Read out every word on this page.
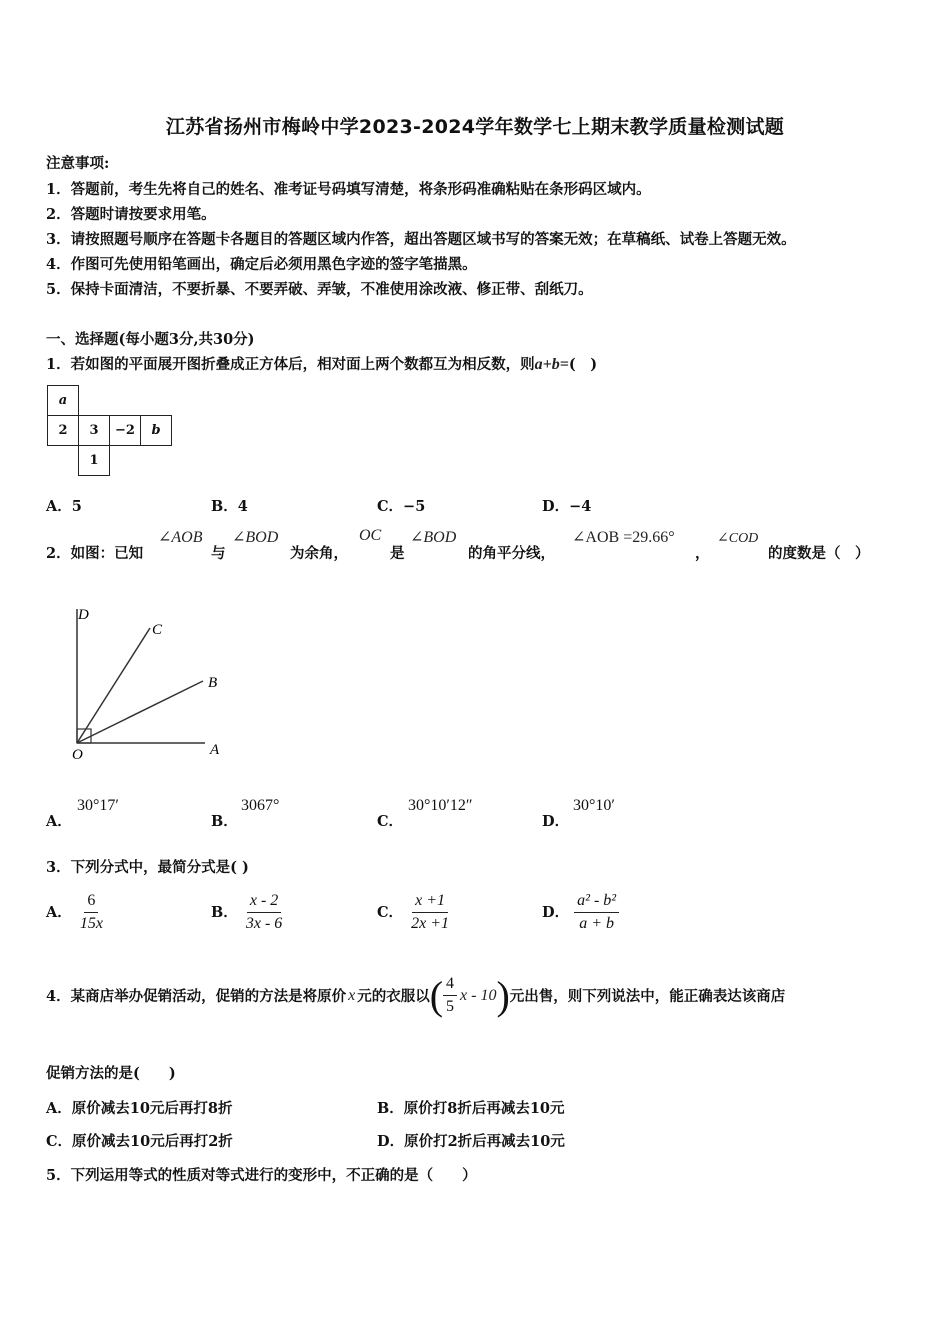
江苏省扬州市梅岭中学2023-2024学年数学七上期末教学质量检测试题
注意事项:
1．答题前，考生先将自己的姓名、准考证号码填写清楚，将条形码准确粘贴在条形码区域内。
2．答题时请按要求用笔。
3．请按照题号顺序在答题卡各题目的答题区域内作答，超出答题区域书写的答案无效；在草稿纸、试卷上答题无效。
4．作图可先使用铅笔画出，确定后必须用黑色字迹的签字笔描黑。
5．保持卡面清洁，不要折暴、不要弄破、弄皱，不准使用涂改液、修正带、刮纸刀。
一、选择题(每小题3分,共30分)
1．若如图的平面展开图折叠成正方体后，相对面上两个数都互为相反数，则a+b=(　)
a			
2	3	−2	b
	1		
A．5	B．4	C．−5	D．−4
2．如图：已知
∠AOB
与
∠BOD
为余角，
OC
是
∠BOD
的角平分线，
∠AOB =29.66°
，
∠COD
的度数是（　）
D
C
B
O	A
A．
30°17′
B．
3067°
C．
30°10′12″
D．
30°10′
3．下列分式中，最简分式是( )
A． $\frac{6}{15x}$	B． $\frac{x - 2}{3x - 6}$	C． $\frac{x +1}{2x +1}$	D． $\frac{\text{a² - b²}}{a + b}$
4．某商店举办促销活动，促销的方法是将原价 x 元的衣服以 ( $\frac{4}{5}$ x - 10 ) 元出售，则下列说法中，能正确表达该商店
促销方法的是(　　)
A．原价减去10元后再打8折	B．原价打8折后再减去10元
C．原价减去10元后再打2折	D．原价打2折后再减去10元
5．下列运用等式的性质对等式进行的变形中，不正确的是（　　）
